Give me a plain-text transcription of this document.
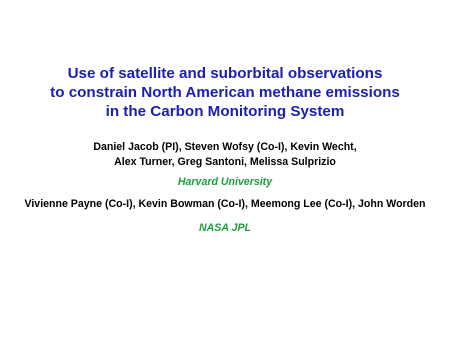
Use of satellite and suborbital observations
to constrain North American methane emissions
in the Carbon Monitoring System
Daniel Jacob (PI), Steven Wofsy (Co-I), Kevin Wecht,
Alex Turner, Greg Santoni, Melissa Sulprizio
Harvard University
Vivienne Payne (Co-I), Kevin Bowman (Co-I), Meemong Lee (Co-I), John Worden
NASA JPL
